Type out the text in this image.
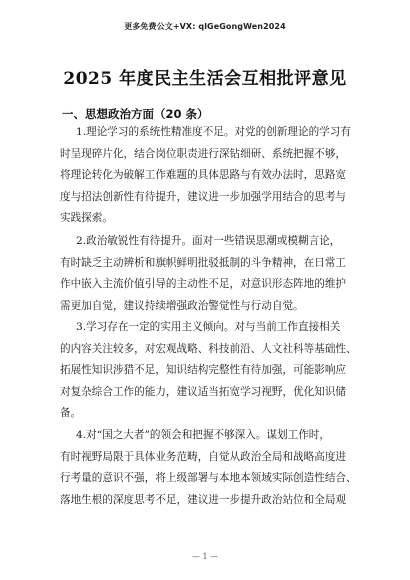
更多免费公文+VX: qlGeGongWen2024
2025 年度民主生活会互相批评意见
一、思想政治方面（20 条）
1.理论学习的系统性精准度不足。对党的创新理论的学习有
时呈现碎片化，结合岗位职责进行深钻细研、系统把握不够，
将理论转化为破解工作难题的具体思路与有效办法时，思路宽
度与招法创新性有待提升，建议进一步加强学用结合的思考与
实践探索。
2.政治敏锐性有待提升。面对一些错误思潮或模糊言论，
有时缺乏主动辨析和旗帜鲜明批驳抵制的斗争精神，在日常工
作中嵌入主流价值引导的主动性不足，对意识形态阵地的维护
需更加自觉，建议持续增强政治警觉性与行动自觉。
3.学习存在一定的实用主义倾向。对与当前工作直接相关
的内容关注较多，对宏观战略、科技前沿、人文社科等基础性、
拓展性知识涉猎不足，知识结构完整性有待加强，可能影响应
对复杂综合工作的能力，建议适当拓宽学习视野，优化知识储
备。
4.对“国之大者”的领会和把握不够深入。谋划工作时，
有时视野局限于具体业务范畴，自觉从政治全局和战略高度进
行考量的意识不强，将上级部署与本地本领域实际创造性结合、
落地生根的深度思考不足，建议进一步提升政治站位和全局观
— 1 —
